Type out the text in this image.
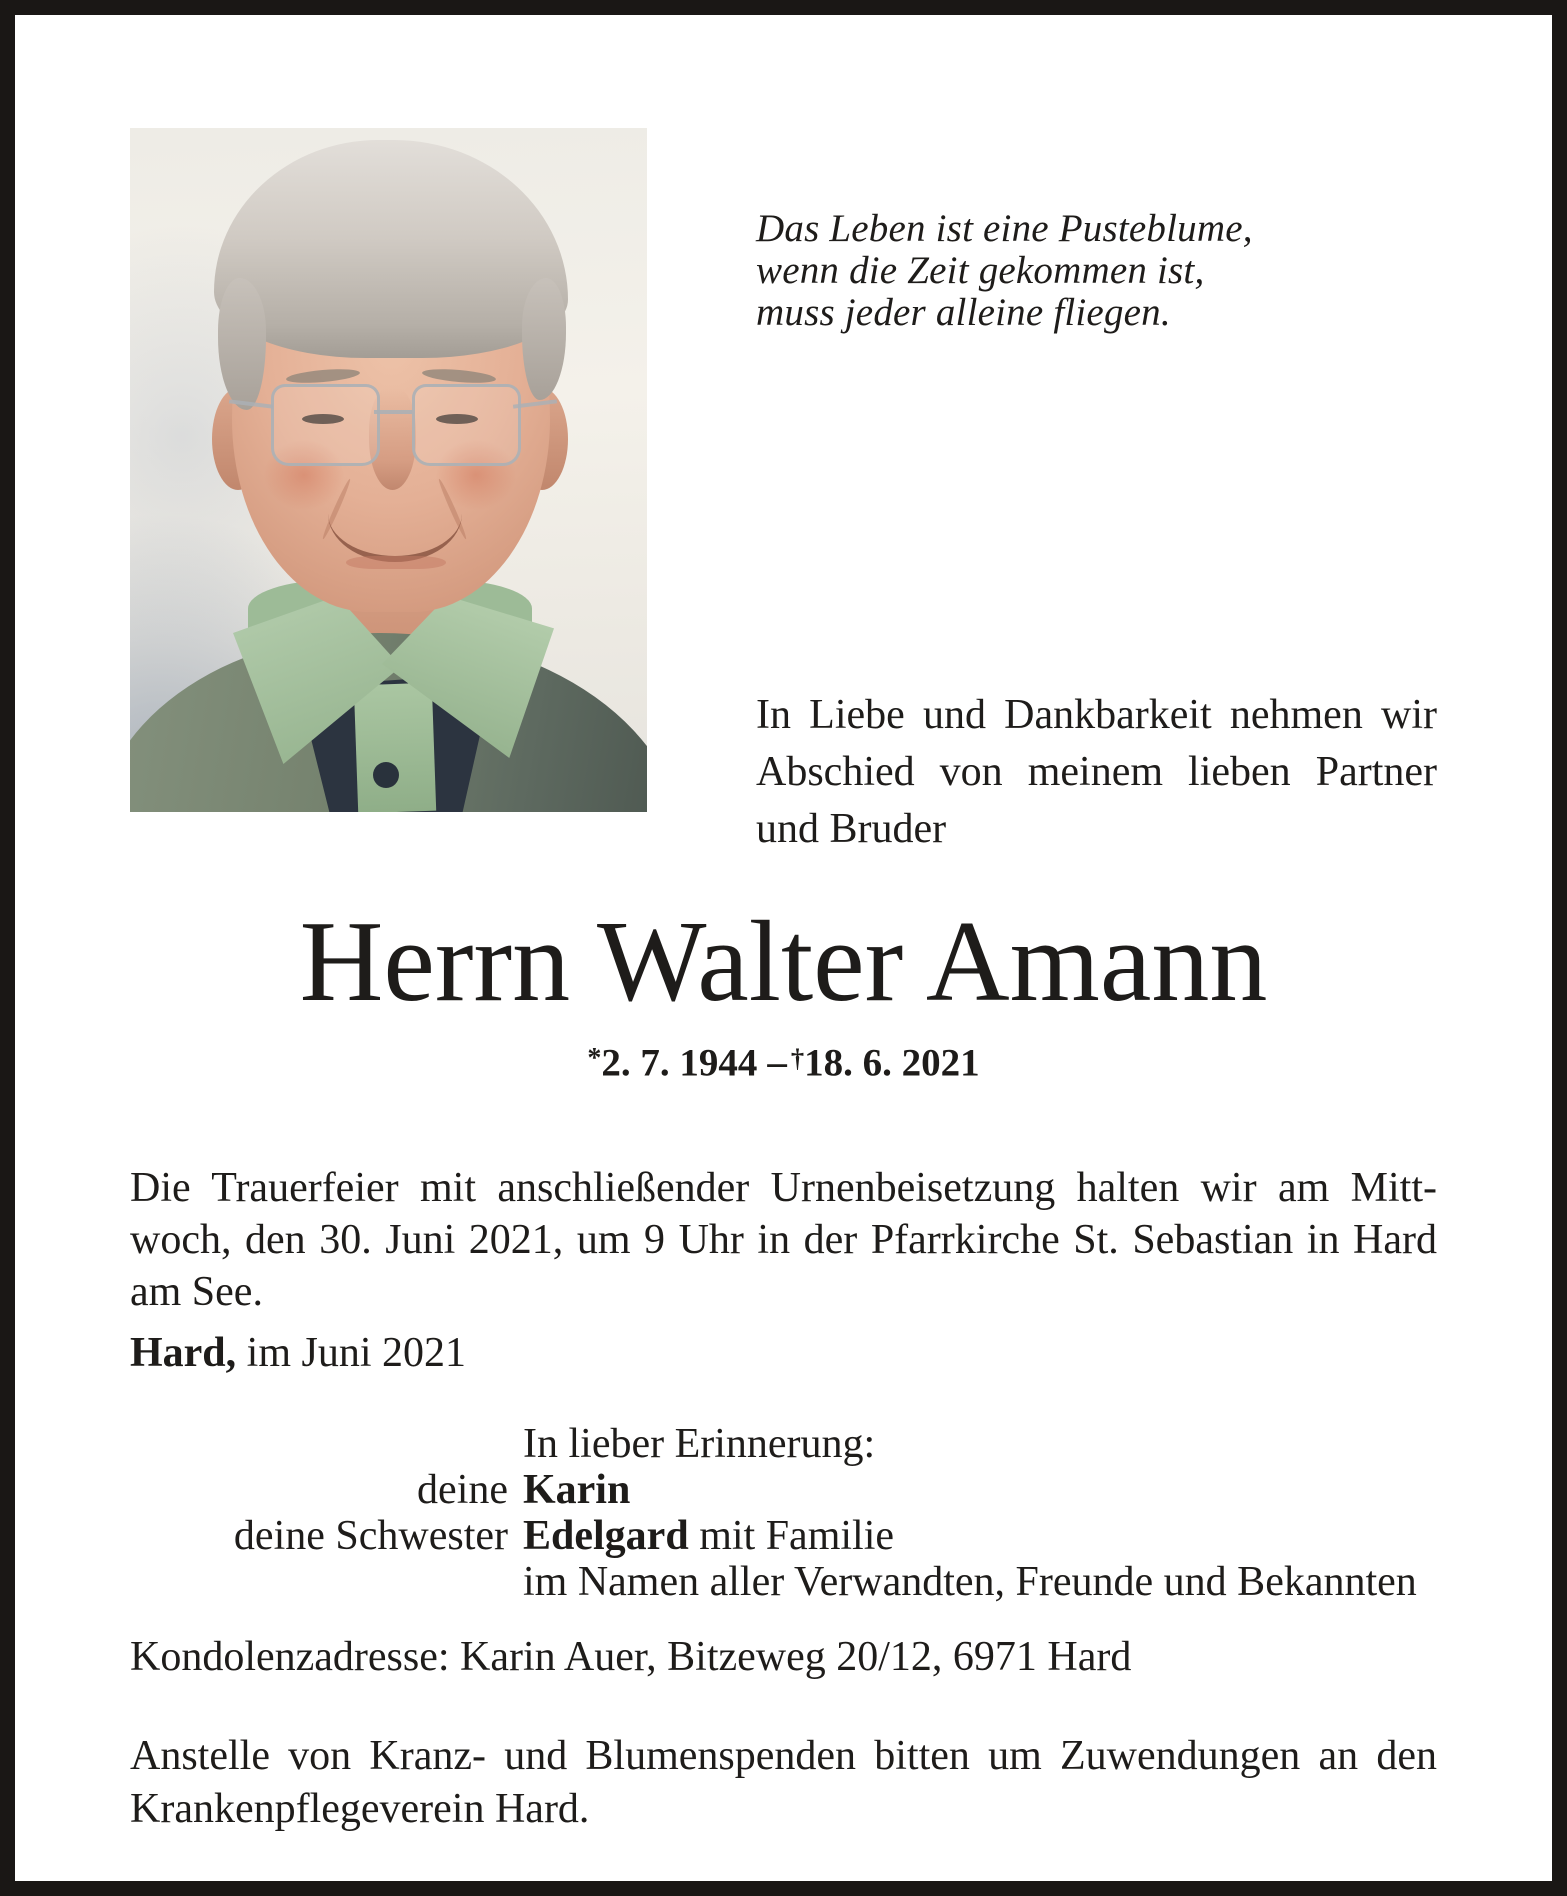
Das Leben ist eine Pusteblume,
wenn die Zeit gekommen ist,
muss jeder alleine fliegen.
In Liebe und Dankbarkeit nehmen wir
Abschied von meinem lieben Partner
und Bruder
Herrn Walter Amann
*2. 7. 1944 – †18. 6. 2021
Die Trauerfeier mit anschließender Urnenbeisetzung halten wir am Mitt-
woch, den 30. Juni 2021, um 9 Uhr in der Pfarrkirche St. Sebastian in Hard
am See.
Hard, im Juni 2021
In lieber Erinnerung:
deine Karin
deine Schwester Edelgard mit Familie
im Namen aller Verwandten, Freunde und Bekannten
Kondolenzadresse: Karin Auer, Bitzeweg 20/12, 6971 Hard
Anstelle von Kranz- und Blumenspenden bitten um Zuwendungen an den
Krankenpflegeverein Hard.
